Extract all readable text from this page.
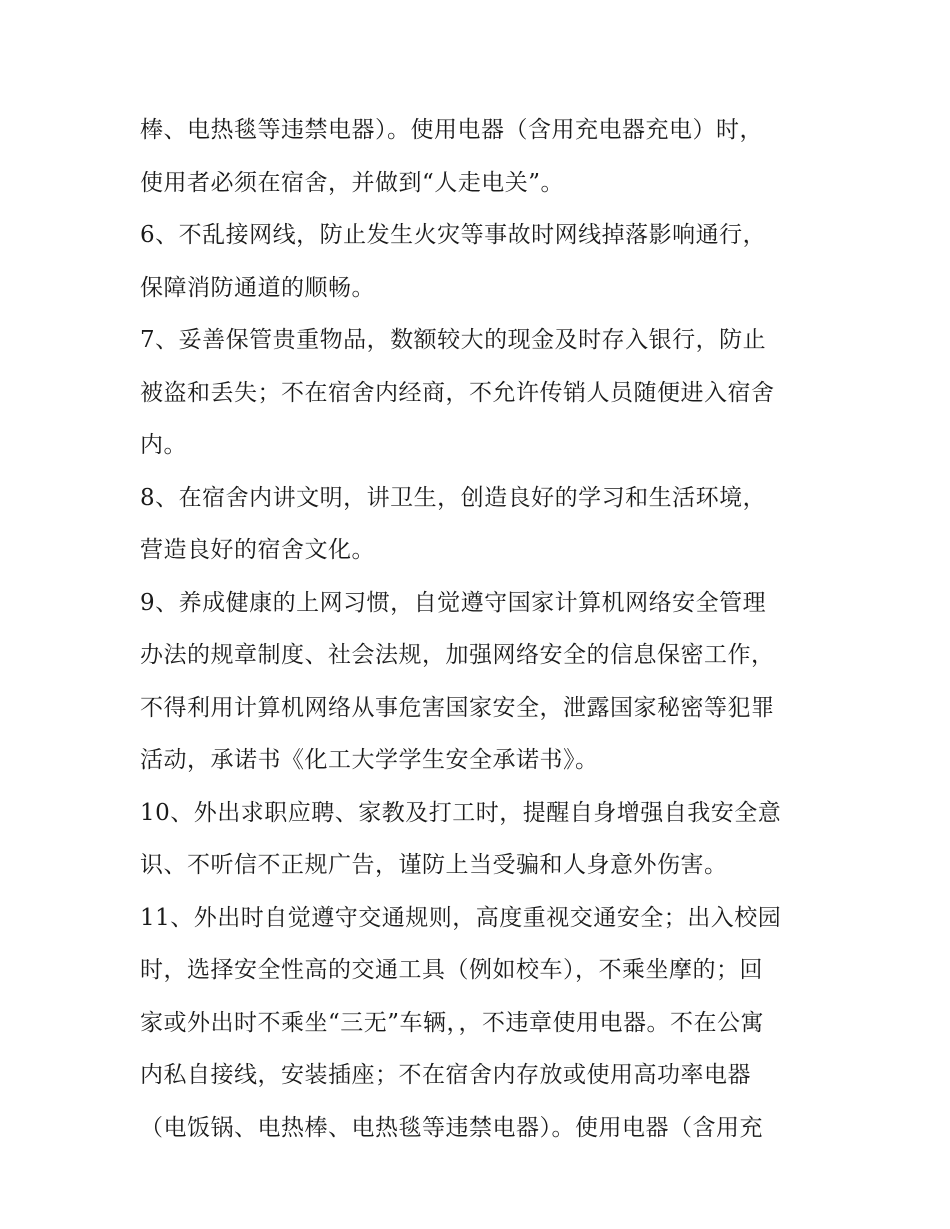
棒、电热毯等违禁电器）。使用电器（含用充电器充电）时，
使用者必须在宿舍，并做到“人走电关”。
6、不乱接网线，防止发生火灾等事故时网线掉落影响通行，
保障消防通道的顺畅。
7、妥善保管贵重物品，数额较大的现金及时存入银行，防止
被盗和丢失；不在宿舍内经商，不允许传销人员随便进入宿舍
内。
8、在宿舍内讲文明，讲卫生，创造良好的学习和生活环境，
营造良好的宿舍文化。
9、养成健康的上网习惯，自觉遵守国家计算机网络安全管理
办法的规章制度、社会法规，加强网络安全的信息保密工作，
不得利用计算机网络从事危害国家安全，泄露国家秘密等犯罪
活动，承诺书《化工大学学生安全承诺书》。
10、外出求职应聘、家教及打工时，提醒自身增强自我安全意
识、不听信不正规广告，谨防上当受骗和人身意外伤害。
11、外出时自觉遵守交通规则，高度重视交通安全；出入校园
时，选择安全性高的交通工具（例如校车），不乘坐摩的；回
家或外出时不乘坐“三无”车辆，，不违章使用电器。不在公寓
内私自接线，安装插座；不在宿舍内存放或使用高功率电器
（电饭锅、电热棒、电热毯等违禁电器）。使用电器（含用充
